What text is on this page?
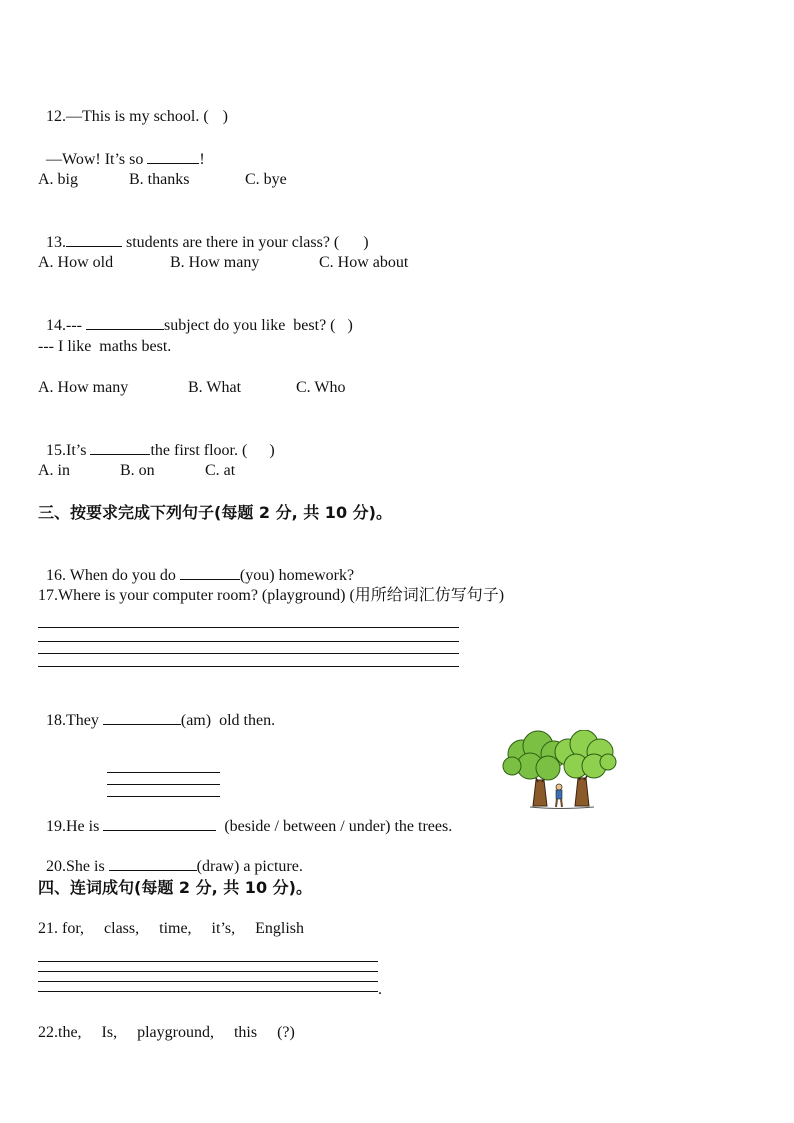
12.—This is my school. ( )

—Wow! It’s so	!

A. big	B. thanks	C. bye

13.	students are there in your class? ( )

A. How old	B. How many	C. How about

14.---	subject do you like  best? ( )

--- I like  maths best.
A. How many	B. What	C. Who

15.It’s	the first floor. ( )

A. in	B. on	C. at
三、按要求完成下列句子(每题 2 分, 共 10 分)。

16. When do you do	(you) homework?

17.Where is your computer room? (playground) (用所给词汇仿写句子)

18.They	(am)  old then.

19.He is	(beside / between / under) the trees.

20.She is	(draw) a picture.

四、连词成句(每题 2 分, 共 10 分)。
21. for,     class,     time,     it’s,     English
.
22.the,     Is,     playground,     this     (?)
